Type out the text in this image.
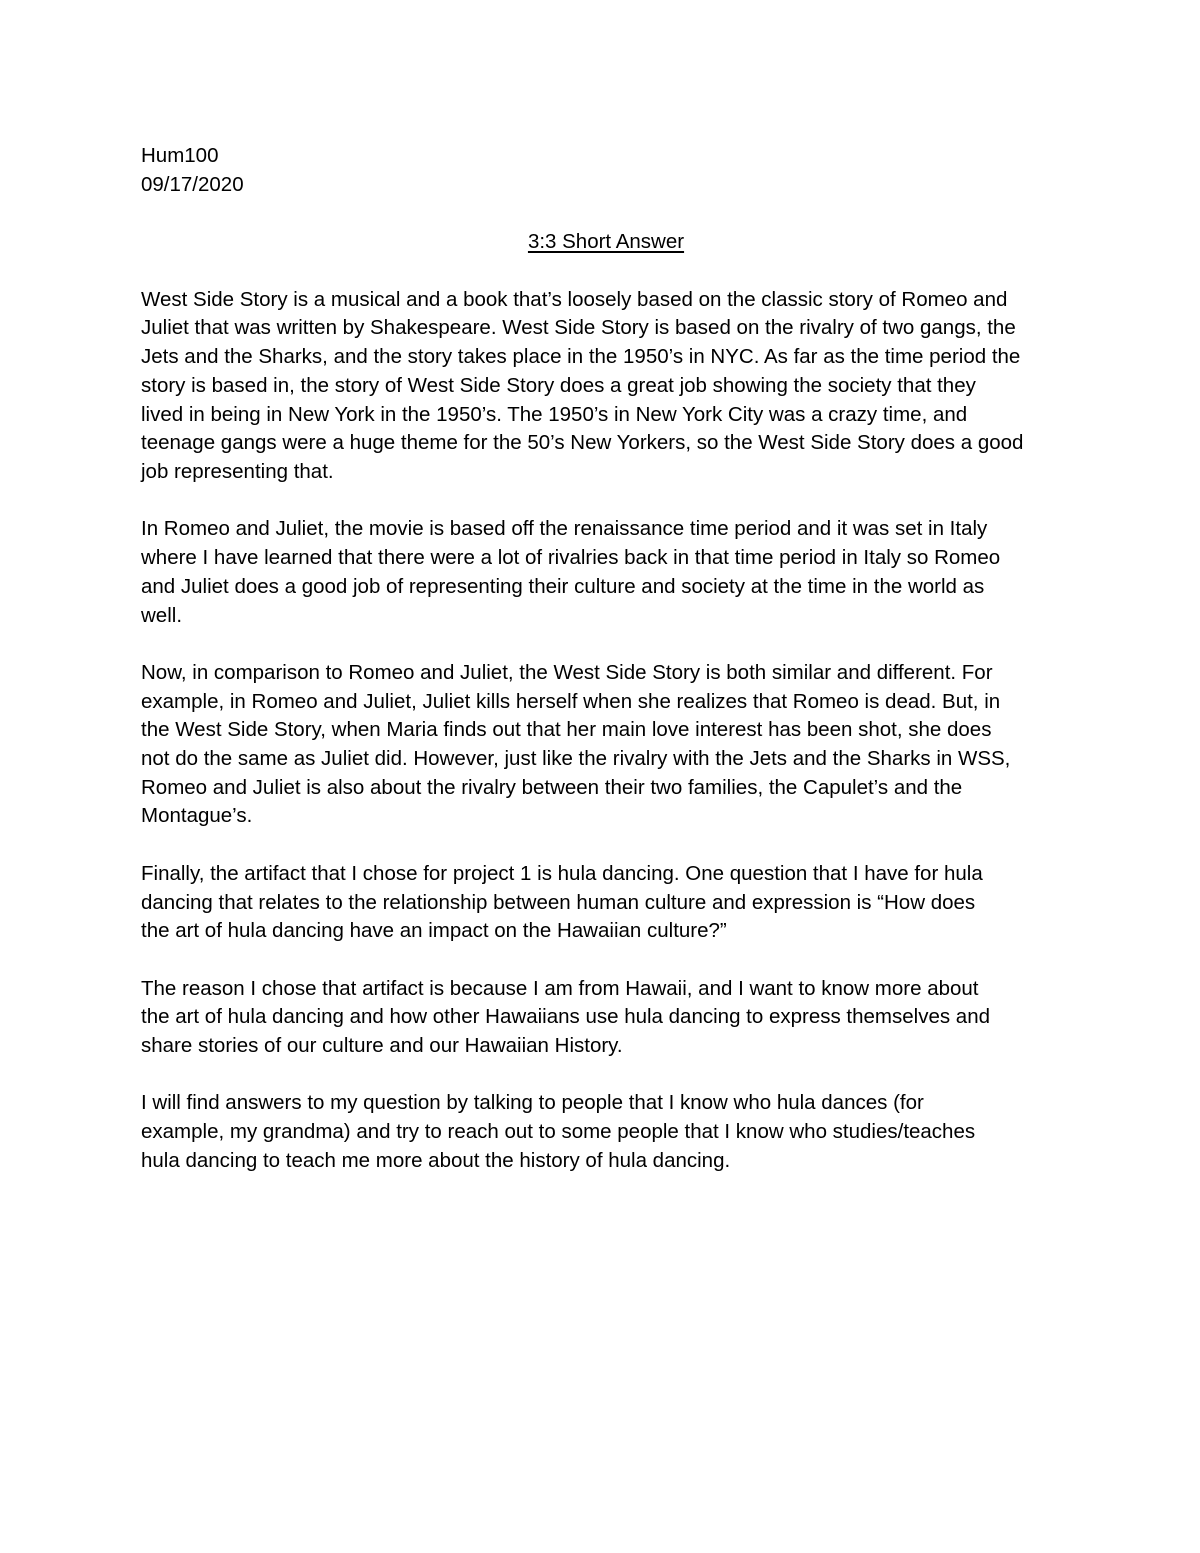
Hum100
09/17/2020
3:3 Short Answer

West Side Story is a musical and a book that’s loosely based on the classic story of Romeo and
Juliet that was written by Shakespeare. West Side Story is based on the rivalry of two gangs, the
Jets and the Sharks, and the story takes place in the 1950’s in NYC. As far as the time period the
story is based in, the story of West Side Story does a great job showing the society that they
lived in being in New York in the 1950’s. The 1950’s in New York City was a crazy time, and
teenage gangs were a huge theme for the 50’s New Yorkers, so the West Side Story does a good
job representing that.

In Romeo and Juliet, the movie is based off the renaissance time period and it was set in Italy
where I have learned that there were a lot of rivalries back in that time period in Italy so Romeo
and Juliet does a good job of representing their culture and society at the time in the world as
well.

Now, in comparison to Romeo and Juliet, the West Side Story is both similar and different. For
example, in Romeo and Juliet, Juliet kills herself when she realizes that Romeo is dead. But, in
the West Side Story, when Maria finds out that her main love interest has been shot, she does
not do the same as Juliet did. However, just like the rivalry with the Jets and the Sharks in WSS,
Romeo and Juliet is also about the rivalry between their two families, the Capulet’s and the
Montague’s.

Finally, the artifact that I chose for project 1 is hula dancing. One question that I have for hula
dancing that relates to the relationship between human culture and expression is “How does
the art of hula dancing have an impact on the Hawaiian culture?”

The reason I chose that artifact is because I am from Hawaii, and I want to know more about
the art of hula dancing and how other Hawaiians use hula dancing to express themselves and
share stories of our culture and our Hawaiian History.

I will find answers to my question by talking to people that I know who hula dances (for
example, my grandma) and try to reach out to some people that I know who studies/teaches
hula dancing to teach me more about the history of hula dancing.
